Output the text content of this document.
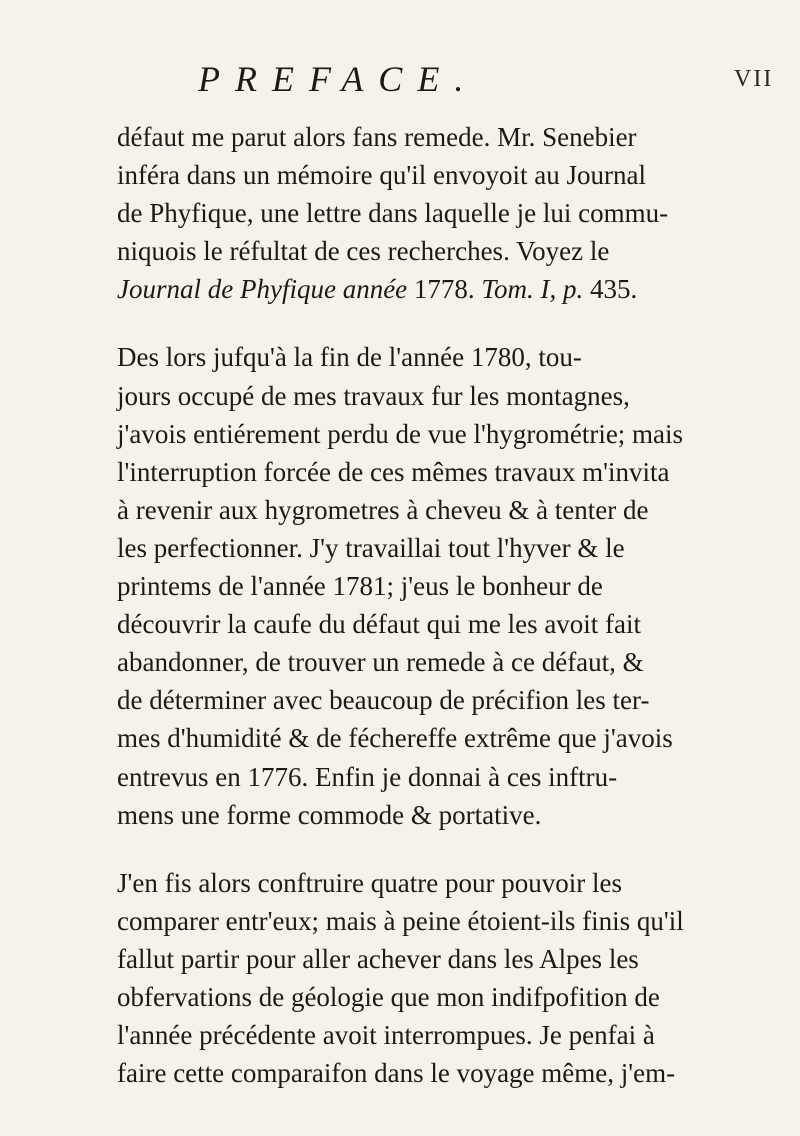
PREFACE.	VII
défaut me parut alors fans remede. Mr. Senebier
inféra dans un mémoire qu'il envoyoit au Journal
de Phyfique, une lettre dans laquelle je lui commu-
niquois le réfultat de ces recherches. Voyez le
Journal de Phyfique année 1778. Tom. I, p. 435.
Des lors jufqu'à la fin de l'année 1780, tou-
jours occupé de mes travaux fur les montagnes,
j'avois entiérement perdu de vue l'hygrométrie; mais
l'interruption forcée de ces mêmes travaux m'invita
à revenir aux hygrometres à cheveu & à tenter de
les perfectionner. J'y travaillai tout l'hyver & le
printems de l'année 1781; j'eus le bonheur de
découvrir la caufe du défaut qui me les avoit fait
abandonner, de trouver un remede à ce défaut, &
de déterminer avec beaucoup de précifion les ter-
mes d'humidité & de féchereffe extrême que j'avois
entrevus en 1776. Enfin je donnai à ces inftru-
mens une forme commode & portative.
J'en fis alors conftruire quatre pour pouvoir les
comparer entr'eux; mais à peine étoient-ils finis qu'il
fallut partir pour aller achever dans les Alpes les
obfervations de géologie que mon indifpofition de
l'année précédente avoit interrompues. Je penfai à
faire cette comparaifon dans le voyage même, j'em-
